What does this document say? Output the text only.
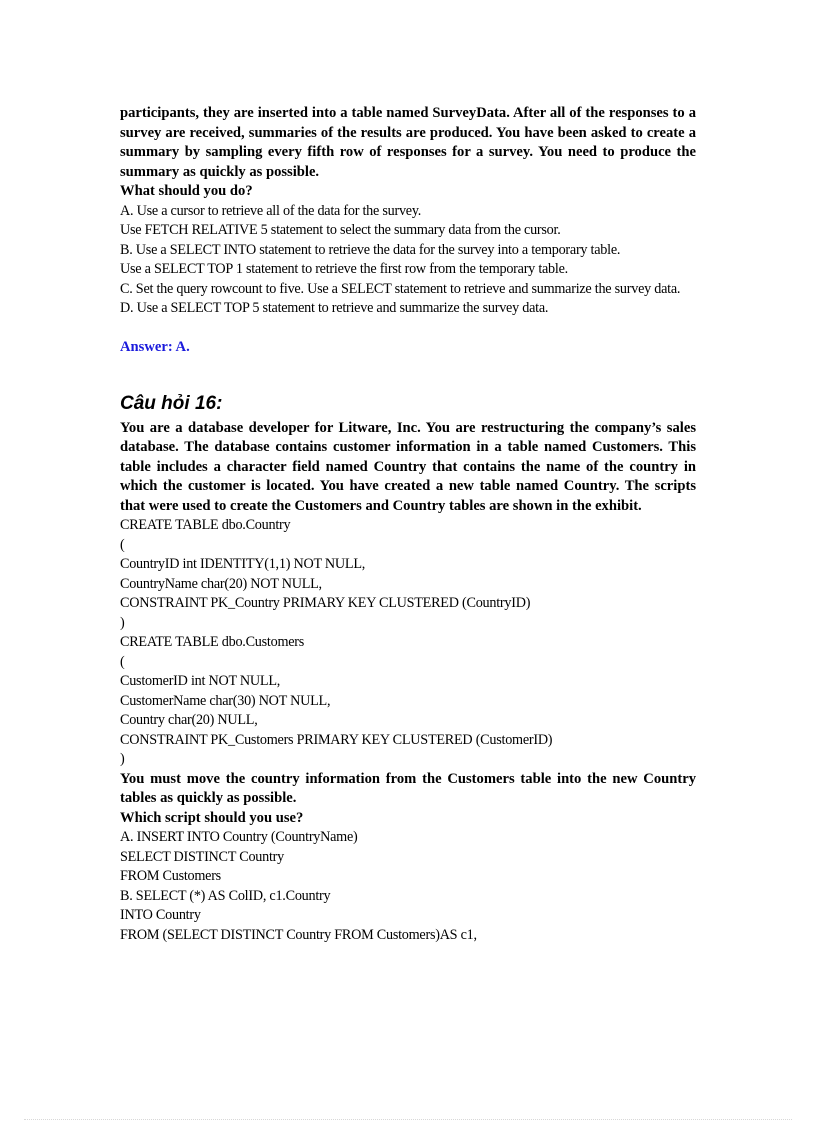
participants, they are inserted into a table named SurveyData. After all of the responses to a survey are received, summaries of the results are produced. You have been asked to create a summary by sampling every fifth row of responses for a survey. You need to produce the summary as quickly as possible.

What should you do?

A. Use a cursor to retrieve all of the data for the survey.

Use FETCH RELATIVE 5 statement to select the summary data from the cursor.

B. Use a SELECT INTO statement to retrieve the data for the survey into a temporary table.

Use a SELECT TOP 1 statement to retrieve the first row from the temporary table.

C. Set the query rowcount to five. Use a SELECT statement to retrieve and summarize the survey data.

D. Use a SELECT TOP 5 statement to retrieve and summarize the survey data.

Answer: A.

Câu hỏi 16:

You are a database developer for Litware, Inc. You are restructuring the company’s sales database. The database contains customer information in a table named Customers. This table includes a character field named Country that contains the name of the country in which the customer is located. You have created a new table named Country. The scripts that were used to create the Customers and Country tables are shown in the exhibit.

CREATE TABLE dbo.Country

(

CountryID int IDENTITY(1,1) NOT NULL,

CountryName char(20) NOT NULL,

CONSTRAINT PK_Country PRIMARY KEY CLUSTERED (CountryID)

)

CREATE TABLE dbo.Customers

(

CustomerID int NOT NULL,

CustomerName char(30) NOT NULL,

Country char(20) NULL,

CONSTRAINT PK_Customers PRIMARY KEY CLUSTERED (CustomerID)

)

You must move the country information from the Customers table into the new Country tables as quickly as possible.

Which script should you use?

A. INSERT INTO Country (CountryName)

SELECT DISTINCT Country

FROM Customers

B. SELECT (*) AS ColID, c1.Country

INTO Country

FROM (SELECT DISTINCT Country FROM Customers)AS c1,
